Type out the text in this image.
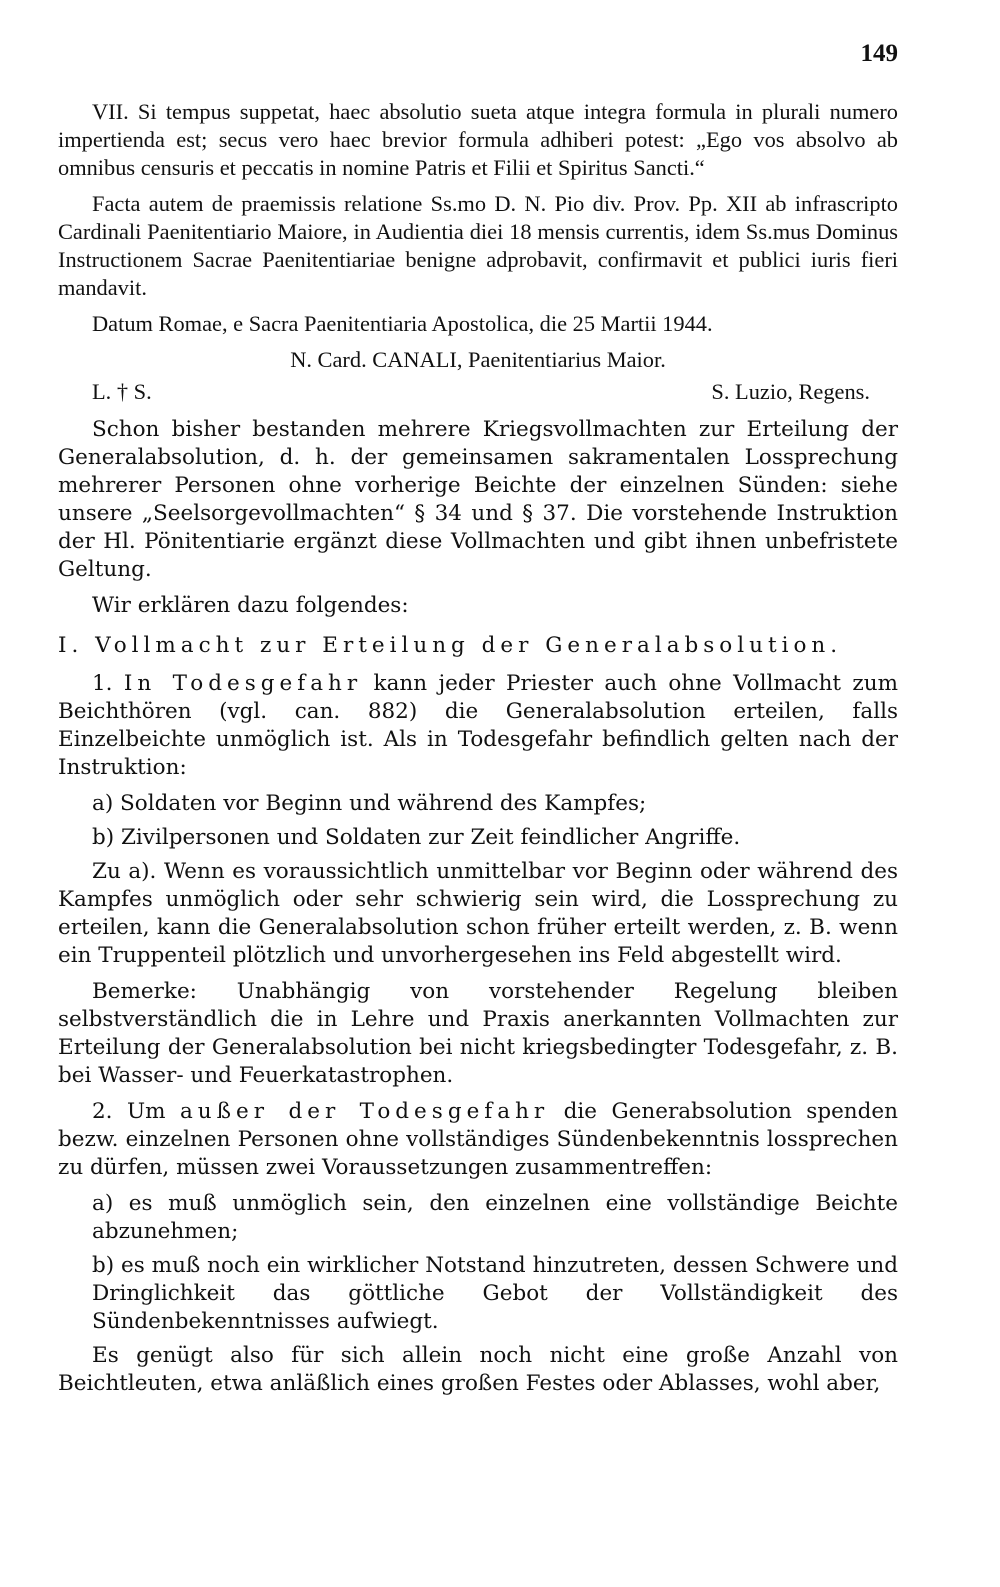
149

VII. Si tempus suppetat, haec absolutio sueta atque integra formula in plurali numero impertienda est; secus vero haec brevior formula adhiberi potest: „Ego vos absolvo ab omnibus censuris et peccatis in nomine Patris et Filii et Spiritus Sancti.“

Facta autem de praemissis relatione Ss.mo D. N. Pio div. Prov. Pp. XII ab infrascripto Cardinali Paenitentiario Maiore, in Audientia diei 18 mensis currentis, idem Ss.mus Dominus Instructionem Sacrae Paenitentiariae benigne adprobavit, confirmavit et publici iuris fieri mandavit.

Datum Romae, e Sacra Paenitentiaria Apostolica, die 25 Martii 1944.

N. Card. CANALI, Paenitentiarius Maior.

L. † S.	S. Luzio, Regens.

Schon bisher bestanden mehrere Kriegsvollmachten zur Erteilung der Generalabsolution, d. h. der gemeinsamen sakramentalen Lossprechung mehrerer Personen ohne vorherige Beichte der einzelnen Sünden: siehe unsere „Seelsorgevollmachten“ § 34 und § 37. Die vorstehende Instruktion der Hl. Pönitentiarie ergänzt diese Vollmachten und gibt ihnen unbefristete Geltung.

Wir erklären dazu folgendes:

I. Vollmacht zur Erteilung der Generalabsolution.

1. In Todesgefahr kann jeder Priester auch ohne Vollmacht zum Beichthören (vgl. can. 882) die Generalabsolution erteilen, falls Einzelbeichte unmöglich ist. Als in Todesgefahr befindlich gelten nach der Instruktion:

a) Soldaten vor Beginn und während des Kampfes;

b) Zivilpersonen und Soldaten zur Zeit feindlicher Angriffe.

Zu a). Wenn es voraussichtlich unmittelbar vor Beginn oder während des Kampfes unmöglich oder sehr schwierig sein wird, die Lossprechung zu erteilen, kann die Generalabsolution schon früher erteilt werden, z. B. wenn ein Truppenteil plötzlich und unvorhergesehen ins Feld abgestellt wird.

Bemerke: Unabhängig von vorstehender Regelung bleiben selbstverständlich die in Lehre und Praxis anerkannten Vollmachten zur Erteilung der Generalabsolution bei nicht kriegsbedingter Todesgefahr, z. B. bei Wasser- und Feuerkatastrophen.

2. Um außer der Todesgefahr die Generabsolution spenden bezw. einzelnen Personen ohne vollständiges Sündenbekenntnis lossprechen zu dürfen, müssen zwei Voraussetzungen zusammentreffen:

a) es muß unmöglich sein, den einzelnen eine vollständige Beichte abzunehmen;

b) es muß noch ein wirklicher Notstand hinzutreten, dessen Schwere und Dringlichkeit das göttliche Gebot der Vollständigkeit des Sündenbekenntnisses aufwiegt.

Es genügt also für sich allein noch nicht eine große Anzahl von Beichtleuten, etwa anläßlich eines großen Festes oder Ablasses, wohl aber,
